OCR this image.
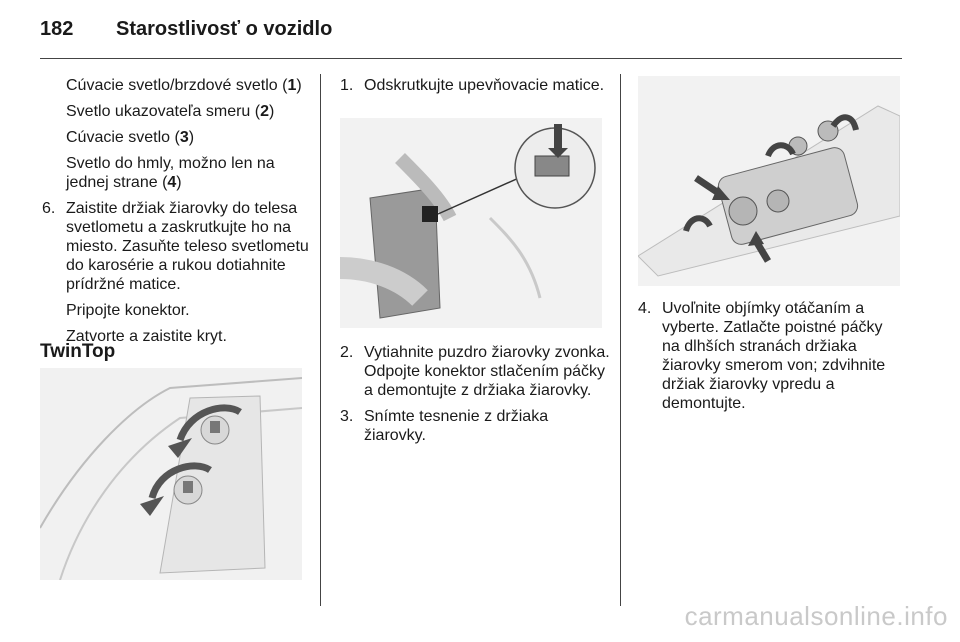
182 Starostlivosť o vozidlo

Cúvacie svetlo/brzdové svetlo (1)

Svetlo ukazovateľa smeru (2)

Cúvacie svetlo (3)

Svetlo do hmly, možno len na jednej strane (4)

6. Zaistite držiak žiarovky do telesa svetlometu a zaskrutkujte ho na miesto. Zasuňte teleso svetlometu do karosérie a rukou dotiahnite prídržné matice.

Pripojte konektor.

Zatvorte a zaistite kryt.

TwinTop
1. Odskrutkujte upevňovacie matice.

2. Vytiahnite puzdro žiarovky zvonka. Odpojte konektor stlačením páčky a demontujte z držiaka žiarovky.

3. Snímte tesnenie z držiaka žiarovky.

4. Uvoľnite objímky otáčaním a vyberte. Zatlačte poistné páčky na dlhších stranách držiaka žiarovky smerom von; zdvihnite držiak žiarovky vpredu a demontujte.

carmanualsonline.info
